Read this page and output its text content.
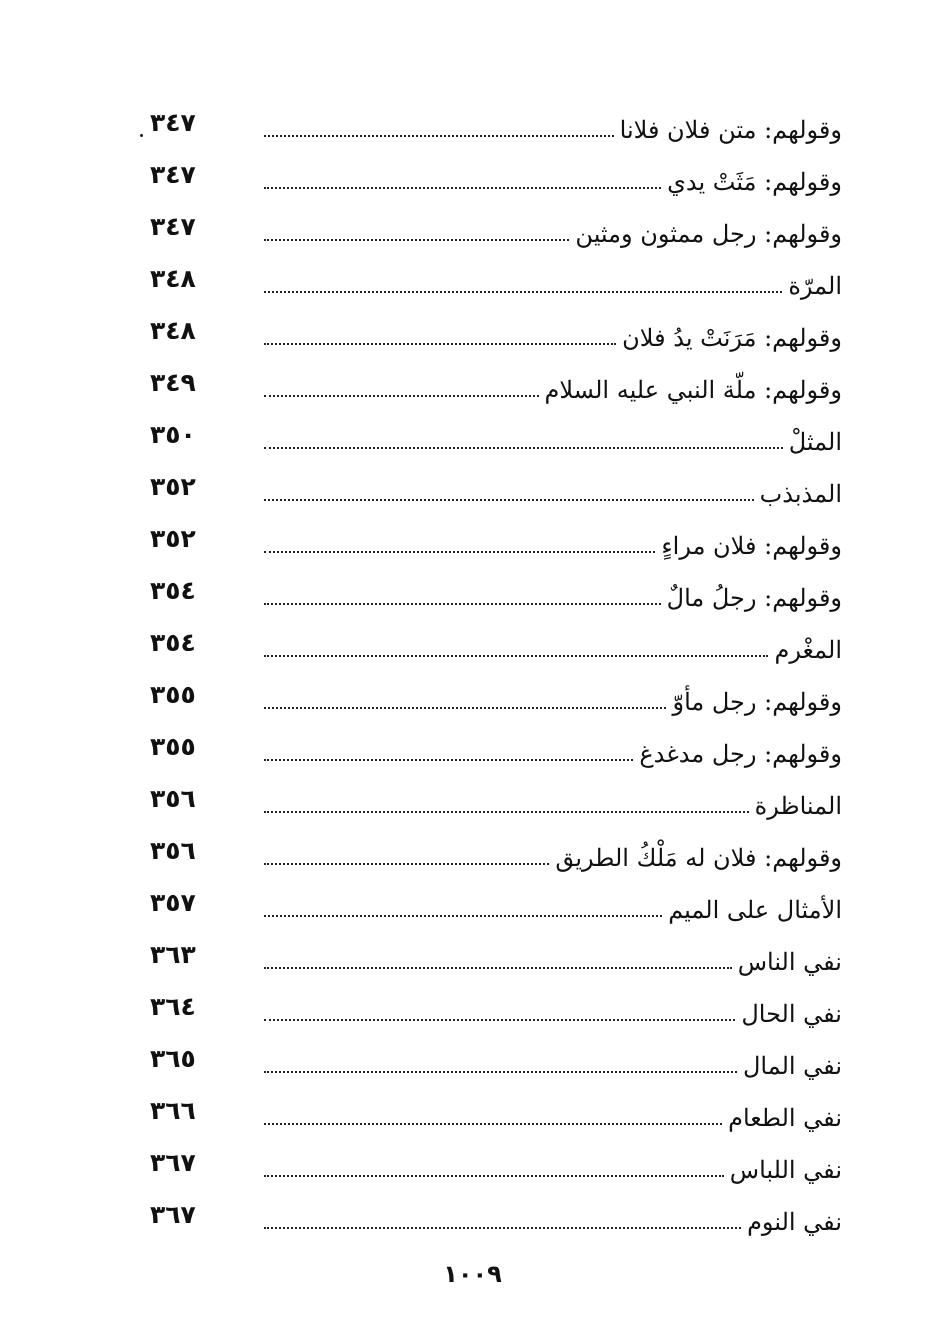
وقولهم: متن فلان فلانا
٣٤٧
وقولهم: مَثَتْ يدي
٣٤٧
وقولهم: رجل ممثون ومثين
٣٤٧
المرّة
٣٤٨
وقولهم: مَرَنَتْ يدُ فلان
٣٤٨
وقولهم: ملّة النبي عليه السلام
٣٤٩
المثلْ
٣٥٠
المذبذب
٣٥٢
وقولهم: فلان مراءٍ
٣٥٢
وقولهم: رجلُ مالٌ
٣٥٤
المغْرم
٣٥٤
وقولهم: رجل مأوّ
٣٥٥
وقولهم: رجل مدغدغ
٣٥٥
المناظرة
٣٥٦
وقولهم: فلان له مَلْكُ الطريق
٣٥٦
الأمثال على الميم
٣٥٧
نفي الناس
٣٦٣
نفي الحال
٣٦٤
نفي المال
٣٦٥
نفي الطعام
٣٦٦
نفي اللباس
٣٦٧
نفي النوم
٣٦٧
١٠٠٩
